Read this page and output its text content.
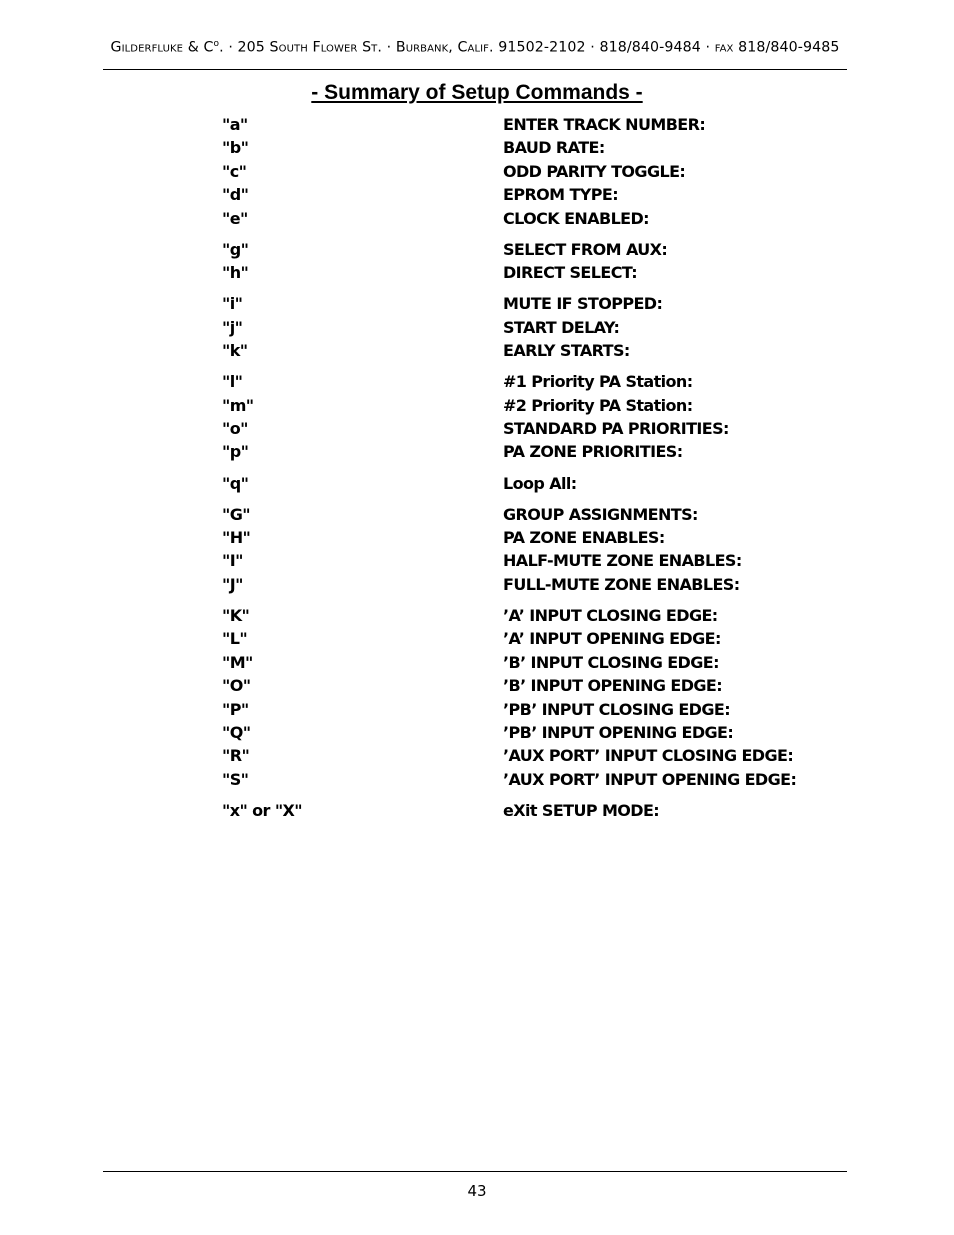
Gilderfluke & $C^o$. · 205 South Flower St. · Burbank, Calif. 91502-2102 · 818/840-9484 · fax 818/840-9485
- Summary of Setup Commands -
"a"	ENTER TRACK NUMBER:
"b"	BAUD RATE:
"c"	ODD PARITY TOGGLE:
"d"	EPROM TYPE:
"e"	CLOCK ENABLED:
"g"	SELECT FROM AUX:
"h"	DIRECT SELECT:
"i"	MUTE IF STOPPED:
"j"	START DELAY:
"k"	EARLY STARTS:
"l"	#1 Priority PA Station:
"m"	#2 Priority PA Station:
"o"	STANDARD PA PRIORITIES:
"p"	PA ZONE PRIORITIES:
"q"	Loop All:
"G"	GROUP ASSIGNMENTS:
"H"	PA ZONE ENABLES:
"I"	HALF-MUTE ZONE ENABLES:
"J"	FULL-MUTE ZONE ENABLES:
"K"	’A’ INPUT CLOSING EDGE:
"L"	’A’ INPUT OPENING EDGE:
"M"	’B’ INPUT CLOSING EDGE:
"O"	’B’ INPUT OPENING EDGE:
"P"	’PB’ INPUT CLOSING EDGE:
"Q"	’PB’ INPUT OPENING EDGE:
"R"	’AUX PORT’ INPUT CLOSING EDGE:
"S"	’AUX PORT’ INPUT OPENING EDGE:
"x" or "X"	eXit SETUP MODE:
43
